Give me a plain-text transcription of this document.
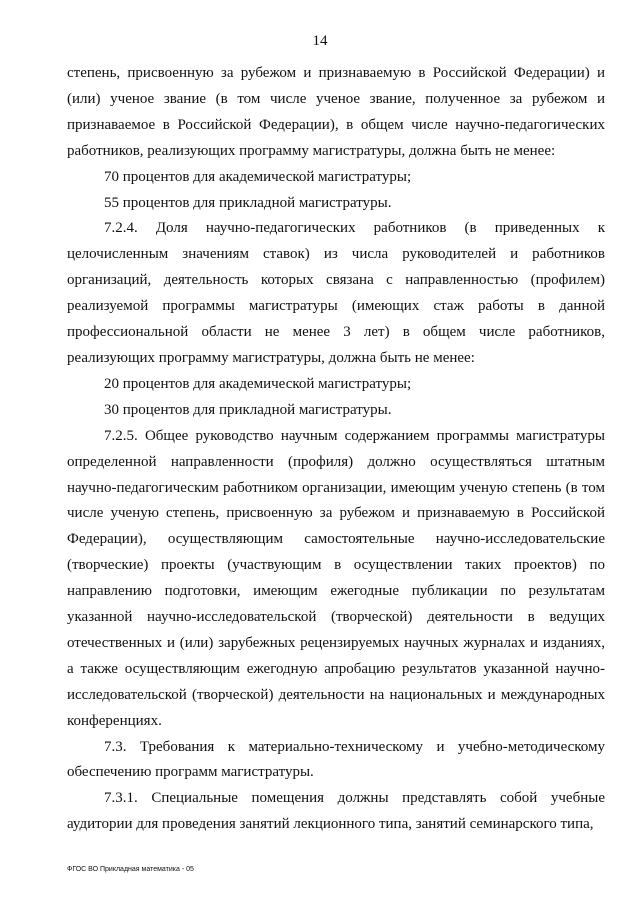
14

степень, присвоенную за рубежом и признаваемую в Российской Федерации) и (или) ученое звание (в том числе ученое звание, полученное за рубежом и признаваемое в Российской Федерации), в общем числе научно-педагогических работников, реализующих программу магистратуры, должна быть не менее:

70 процентов для академической магистратуры;

55 процентов для прикладной магистратуры.

7.2.4. Доля научно-педагогических работников (в приведенных к целочисленным значениям ставок) из числа руководителей и работников организаций, деятельность которых связана с направленностью (профилем) реализуемой программы магистратуры (имеющих стаж работы в данной профессиональной области не менее 3 лет) в общем числе работников, реализующих программу магистратуры, должна быть не менее:

20 процентов для академической магистратуры;

30 процентов для прикладной магистратуры.

7.2.5. Общее руководство научным содержанием программы магистратуры определенной направленности (профиля) должно осуществляться штатным научно-педагогическим работником организации, имеющим ученую степень (в том числе ученую степень, присвоенную за рубежом и признаваемую в Российской Федерации), осуществляющим самостоятельные научно-исследовательские (творческие) проекты (участвующим в осуществлении таких проектов) по направлению подготовки, имеющим ежегодные публикации по результатам указанной научно-исследовательской (творческой) деятельности в ведущих отечественных и (или) зарубежных рецензируемых научных журналах и изданиях, а также осуществляющим ежегодную апробацию результатов указанной научно-исследовательской (творческой) деятельности на национальных и международных конференциях.

7.3. Требования к материально-техническому и учебно-методическому обеспечению программ магистратуры.

7.3.1. Специальные помещения должны представлять собой учебные аудитории для проведения занятий лекционного типа, занятий семинарского типа,

ФГОС ВО Прикладная математика - 05
